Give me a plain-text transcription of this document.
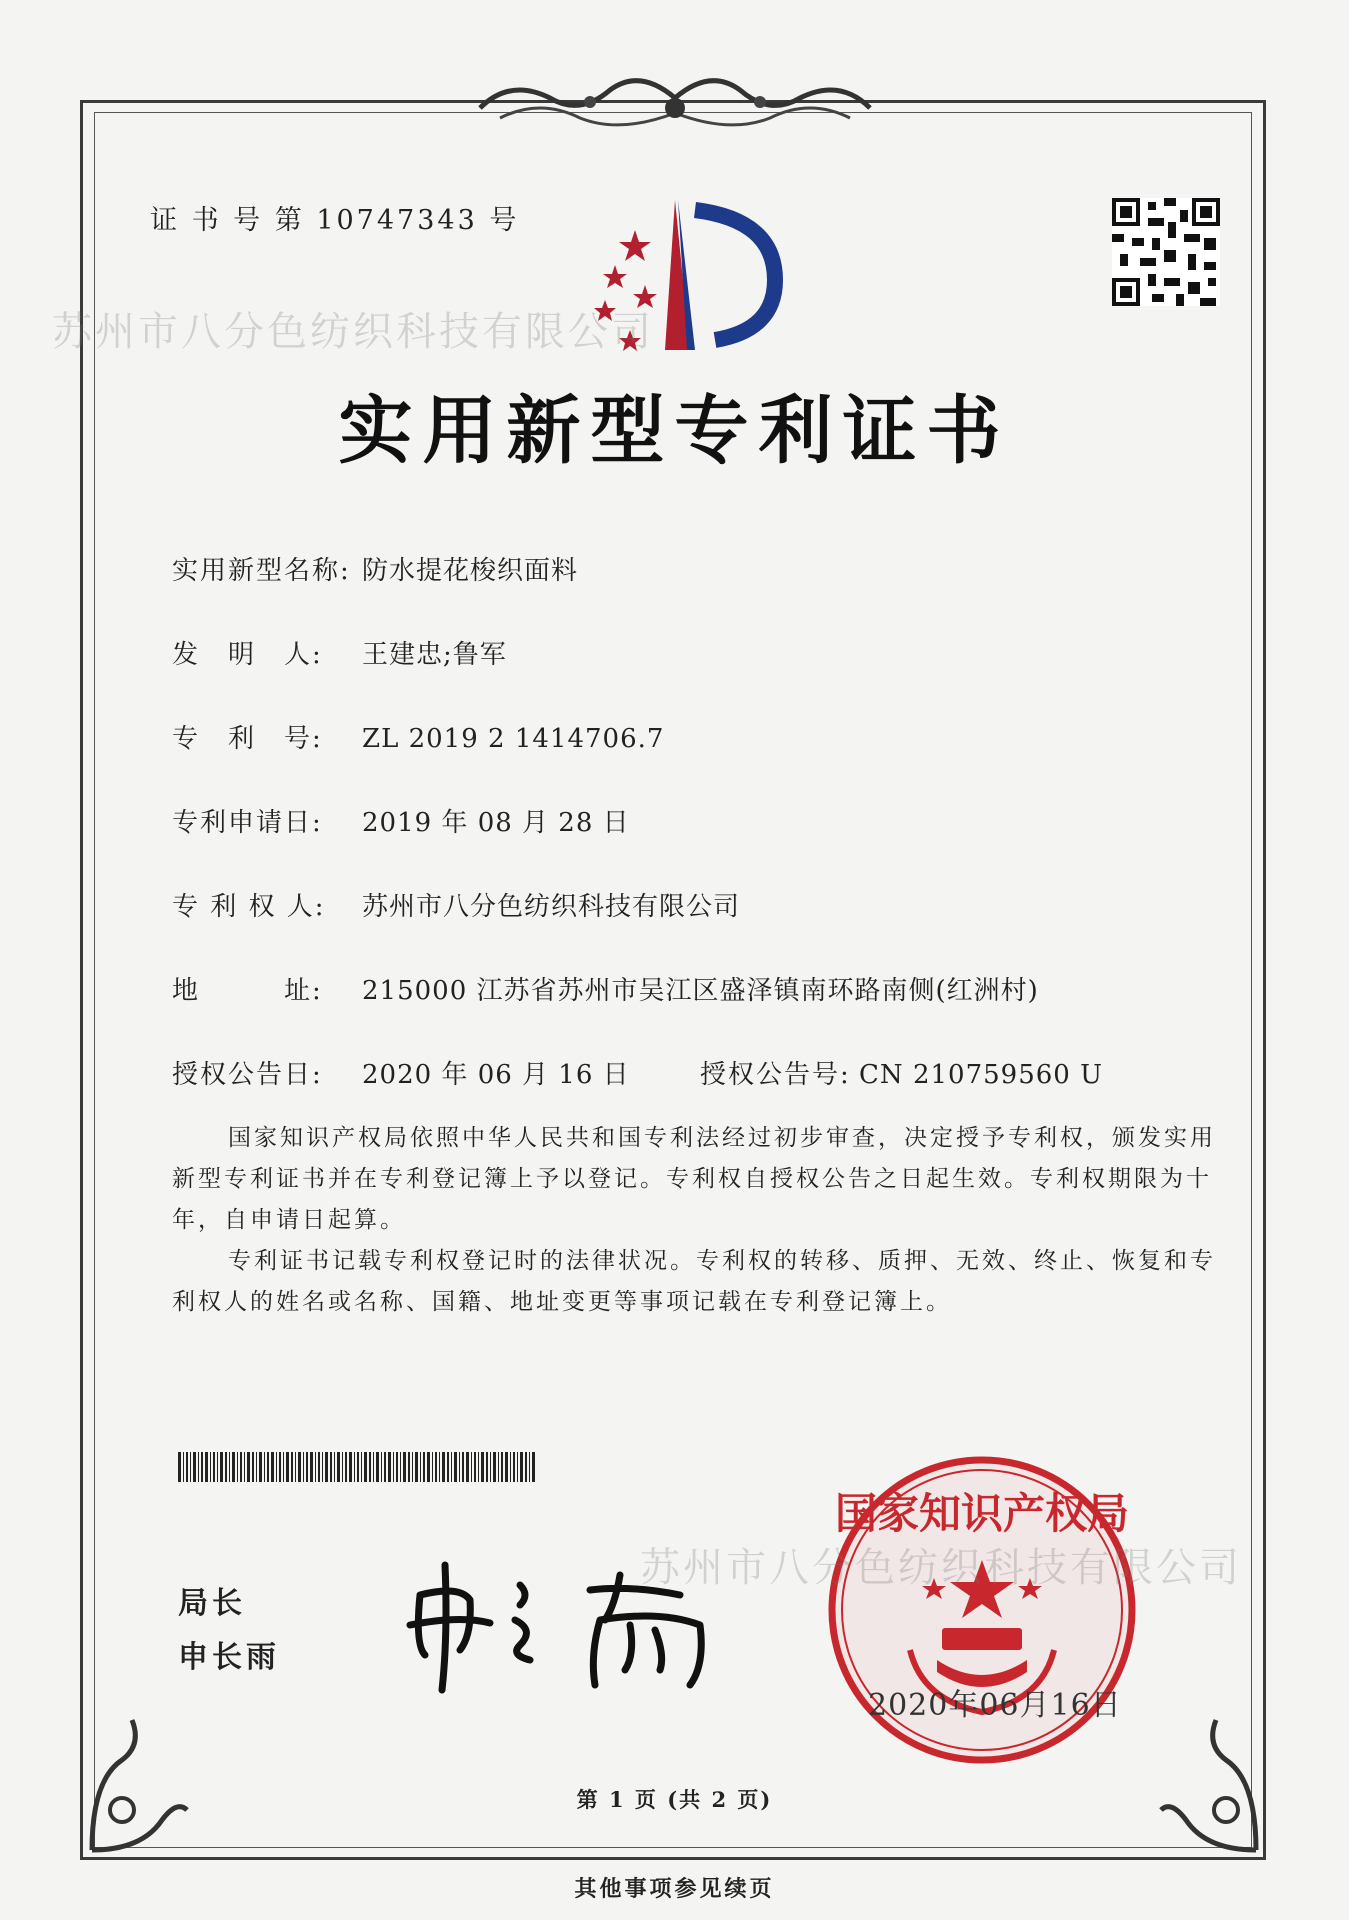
证 书 号 第 10747343 号
苏州市八分色纺织科技有限公司
实用新型专利证书
实用新型名称: 防水提花梭织面料
发　明　人: 王建忠;鲁军
专　利　号: ZL 2019 2 1414706.7
专利申请日: 2019 年 08 月 28 日
专 利 权 人: 苏州市八分色纺织科技有限公司
地　　　址: 215000 江苏省苏州市吴江区盛泽镇南环路南侧(红洲村)
授权公告日: 2020 年 06 月 16 日	授权公告号: CN 210759560 U
国家知识产权局依照中华人民共和国专利法经过初步审查，决定授予专利权，颁发实用新型专利证书并在专利登记簿上予以登记。专利权自授权公告之日起生效。专利权期限为十年，自申请日起算。
专利证书记载专利权登记时的法律状况。专利权的转移、质押、无效、终止、恢复和专利权人的姓名或名称、国籍、地址变更等事项记载在专利登记簿上。
局长
申长雨
国家知识产权局
2020年06月16日
苏州市八分色纺织科技有限公司
第 1 页 (共 2 页)
其他事项参见续页
